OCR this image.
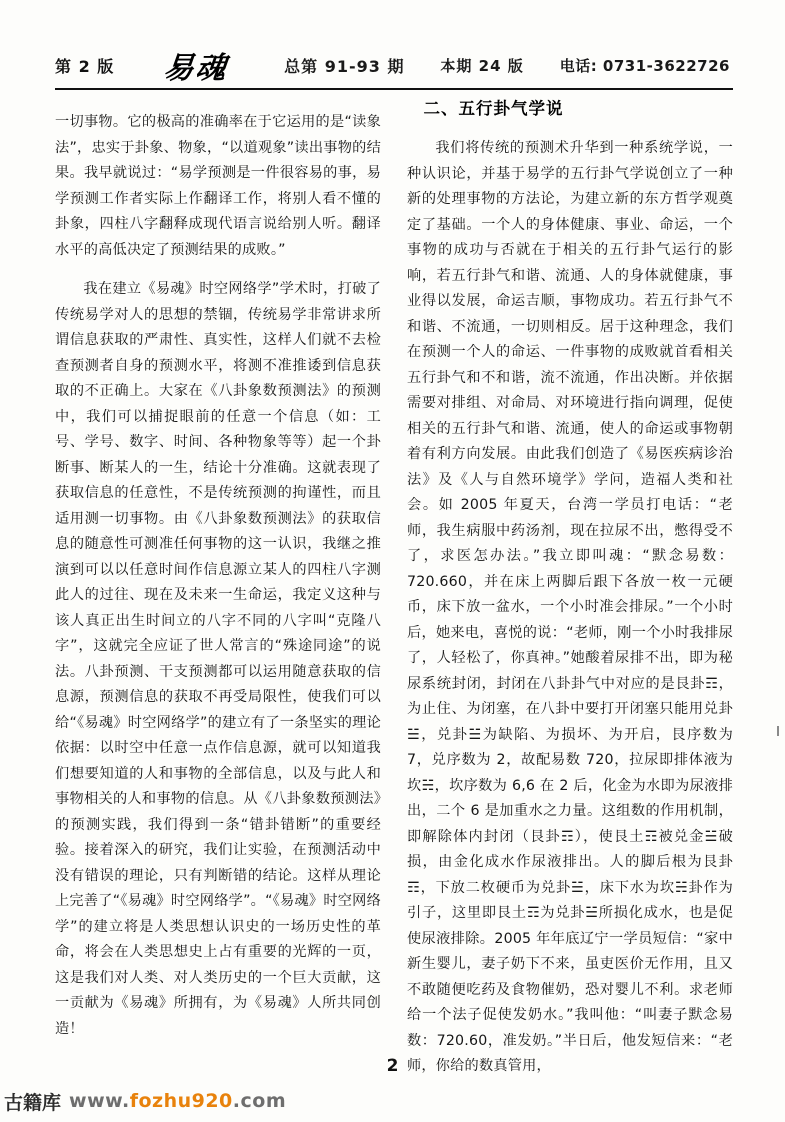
第 2 版 易魂	总第 91-93 期 本期 24 版 电话: 0731-3622726

一切事物。它的极高的准确率在于它运用的是“读象法”，忠实于卦象、物象，“以道观象”读出事物的结果。我早就说过：“易学预测是一件很容易的事，易学预测工作者实际上作翻译工作，将别人看不懂的卦象，四柱八字翻释成现代语言说给别人听。翻译水平的高低决定了预测结果的成败。”

我在建立《易魂》时空网络学”学术时，打破了传统易学对人的思想的禁锢，传统易学非常讲求所谓信息获取的严肃性、真实性，这样人们就不去检查预测者自身的预测水平，将测不准推诿到信息获取的不正确上。大家在《八卦象数预测法》的预测中，我们可以捕捉眼前的任意一个信息（如：工号、学号、数字、时间、各种物象等等）起一个卦断事、断某人的一生，结论十分准确。这就表现了获取信息的任意性，不是传统预测的拘谨性，而且适用测一切事物。由《八卦象数预测法》的获取信息的随意性可测准任何事物的这一认识，我继之推演到可以以任意时间作信息源立某人的四柱八字测此人的过往、现在及未来一生命运，我定义这种与该人真正出生时间立的八字不同的八字叫“克隆八字”，这就完全应证了世人常言的“殊途同途”的说法。八卦预测、干支预测都可以运用随意获取的信息源，预测信息的获取不再受局限性，使我们可以给“《易魂》时空网络学”的建立有了一条坚实的理论依据：以时空中任意一点作信息源，就可以知道我们想要知道的人和事物的全部信息，以及与此人和事物相关的人和事物的信息。从《八卦象数预测法》的预测实践，我们得到一条“错卦错断”的重要经验。接着深入的研究，我们让实验，在预测活动中没有错误的理论，只有判断错的结论。这样从理论上完善了“《易魂》时空网络学”。“《易魂》时空网络学”的建立将是人类思想认识史的一场历史性的革命，将会在人类思想史上占有重要的光辉的一页，这是我们对人类、对人类历史的一个巨大贡献，这一贡献为《易魂》所拥有，为《易魂》人所共同创造！

二、五行卦气学说

我们将传统的预测术升华到一种系统学说，一种认识论，并基于易学的五行卦气学说创立了一种新的处理事物的方法论，为建立新的东方哲学观奠定了基础。一个人的身体健康、事业、命运，一个事物的成功与否就在于相关的五行卦气运行的影响，若五行卦气和谐、流通、人的身体就健康，事业得以发展，命运吉顺，事物成功。若五行卦气不和谐、不流通，一切则相反。居于这种理念，我们在预测一个人的命运、一件事物的成败就首看相关五行卦气和不和谐，流不流通，作出决断。并依据需要对排组、对命局、对环境进行指向调理，促使相关的五行卦气和谐、流通，使人的命运或事物朝着有利方向发展。由此我们创造了《易医疾病诊治法》及《人与自然环境学》学问，造福人类和社会。如 2005 年夏天，台湾一学员打电话：“老师，我生病服中药汤剂，现在拉尿不出，憋得受不了，求医怎办法。”我立即叫魂：“默念易数：720.660，并在床上两脚后跟下各放一枚一元硬币，床下放一盆水，一个小时准会排尿。”一个小时后，她来电，喜悦的说：“老师，刚一个小时我排尿了，人轻松了，你真神。”她酸着尿排不出，即为秘尿系统封闭，封闭在八卦卦气中对应的是艮卦☶，为止住、为闭塞，在八卦中要打开闭塞只能用兑卦☱，兑卦☱为缺陷、为损坏、为开启，艮序数为 7，兑序数为 2，故配易数 720，拉尿即排体液为坎☵，坎序数为 6,6 在 2 后，化金为水即为尿液排出，二个 6 是加重水之力量。这组数的作用机制，即解除体内封闭（艮卦☶），使艮土☶被兑金☱破损，由金化成水作尿液排出。人的脚后根为艮卦☶，下放二枚硬币为兑卦☱，床下水为坎☵卦作为引子，这里即艮土☶为兑卦☱所损化成水，也是促使尿液排除。2005 年年底辽宁一学员短信：“家中新生婴儿，妻子奶下不来，虽吏医价无作用，且又不敢随便吃药及食物催奶，恐对婴儿不利。求老师给一个法子促使发奶水。”我叫他：“叫妻子默念易数：720.60，准发奶。”半日后，他发短信来：“老师，你给的数真管用，

2
古籍库 www.fozhu920.com
